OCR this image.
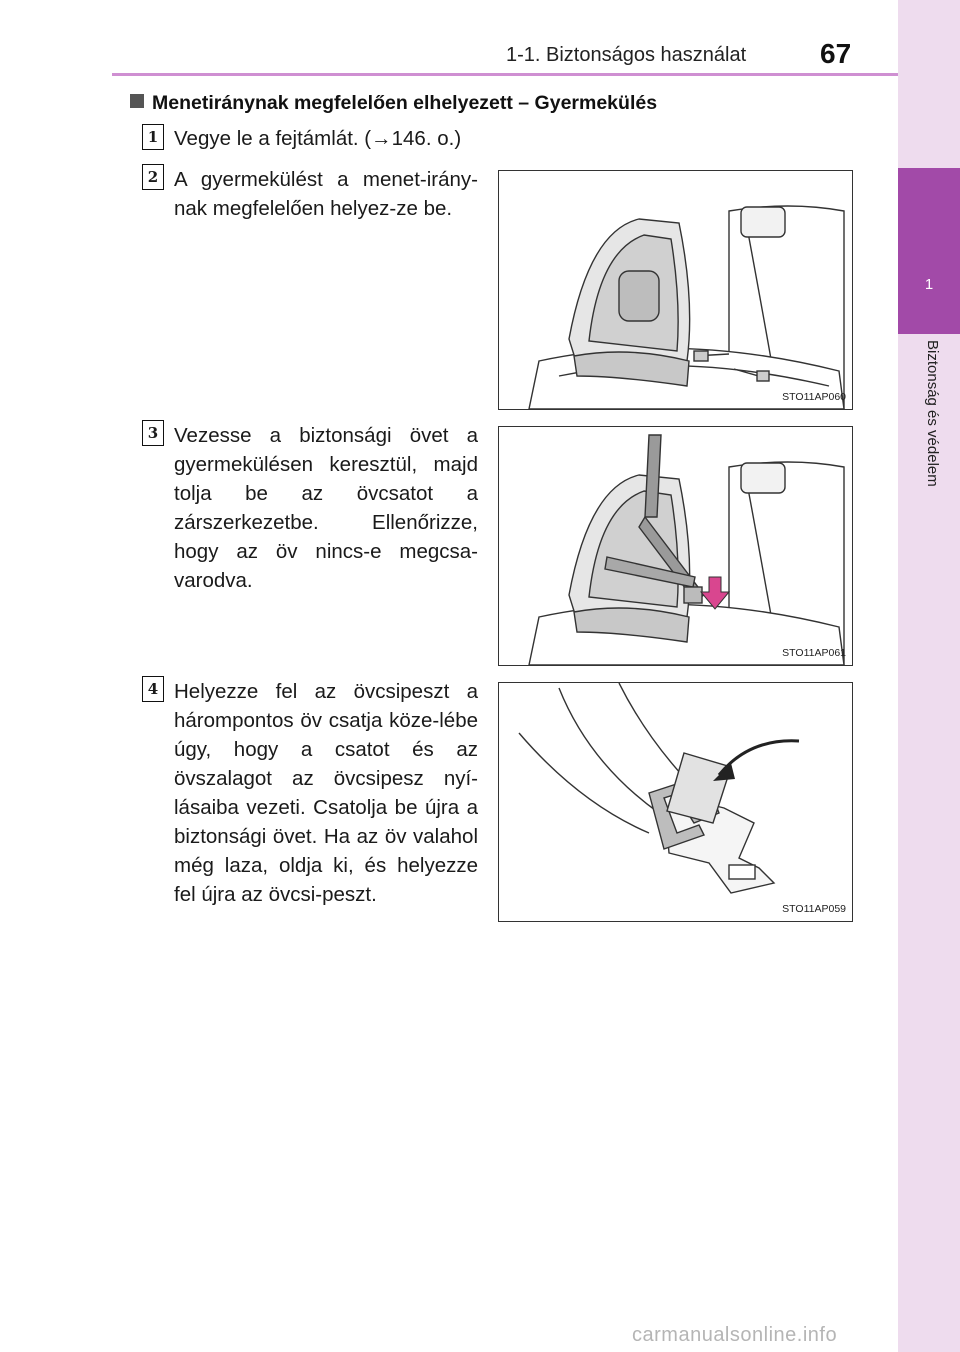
1
Biztonság és védelem
1-1. Biztonságos használat	67
Menetiránynak megfelelően elhelyezett – Gyermekülés
1 Vegye le a fejtámlát. (→146. o.)
2 A gyermekülést a menet-iránynak megfelelően helyez-ze be.
STO11AP060
3 Vezesse a biztonsági övet a gyermekülésen keresztül, majd tolja be az övcsatot a zárszerkezetbe. Ellenőrizze, hogy az öv nincs-e megcsa-varodva.
STO11AP061
4 Helyezze fel az övcsipeszt a hárompontos öv csatja köze-lébe úgy, hogy a csatot és az övszalagot az övcsipesz nyí-lásaiba vezeti. Csatolja be újra a biztonsági övet. Ha az öv valahol még laza, oldja ki, és helyezze fel újra az övcsi-peszt.
STO11AP059
carmanualsonline.info
